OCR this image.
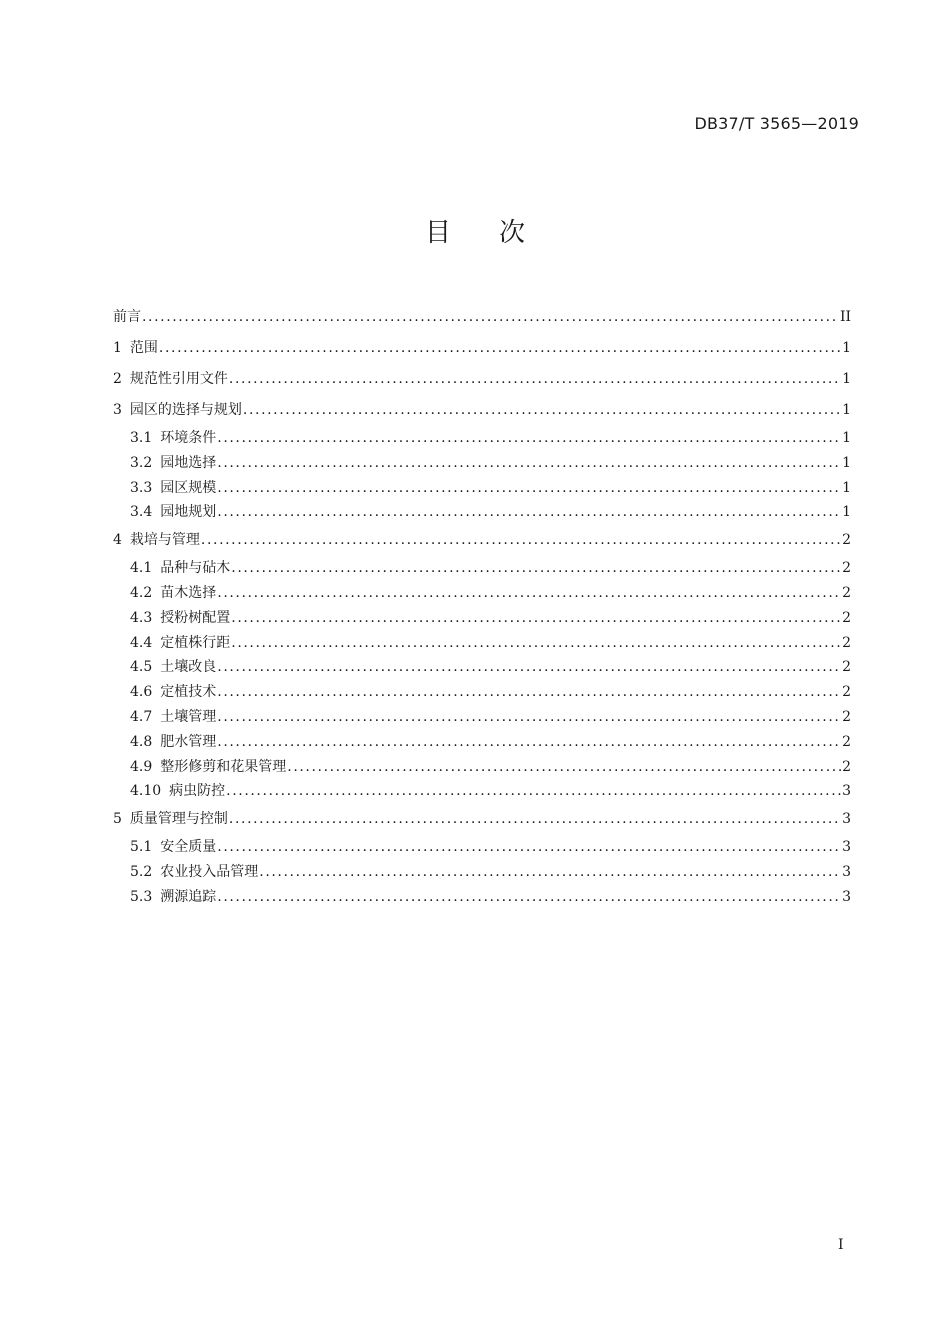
DB37/T 3565—2019
目次
前言 .....	II
1 范围 .....	1
2 规范性引用文件 .....	1
3 园区的选择与规划 .....	1
3.1 环境条件 .....	1
3.2 园地选择 .....	1
3.3 园区规模 .....	1
3.4 园地规划 .....	1
4 栽培与管理 .....	2
4.1 品种与砧木 .....	2
4.2 苗木选择 .....	2
4.3 授粉树配置 .....	2
4.4 定植株行距 .....	2
4.5 土壤改良 .....	2
4.6 定植技术 .....	2
4.7 土壤管理 .....	2
4.8 肥水管理 .....	2
4.9 整形修剪和花果管理 .....	2
4.10 病虫防控 .....	3
5 质量管理与控制 .....	3
5.1 安全质量 .....	3
5.2 农业投入品管理 .....	3
5.3 溯源追踪 .....	3
I
